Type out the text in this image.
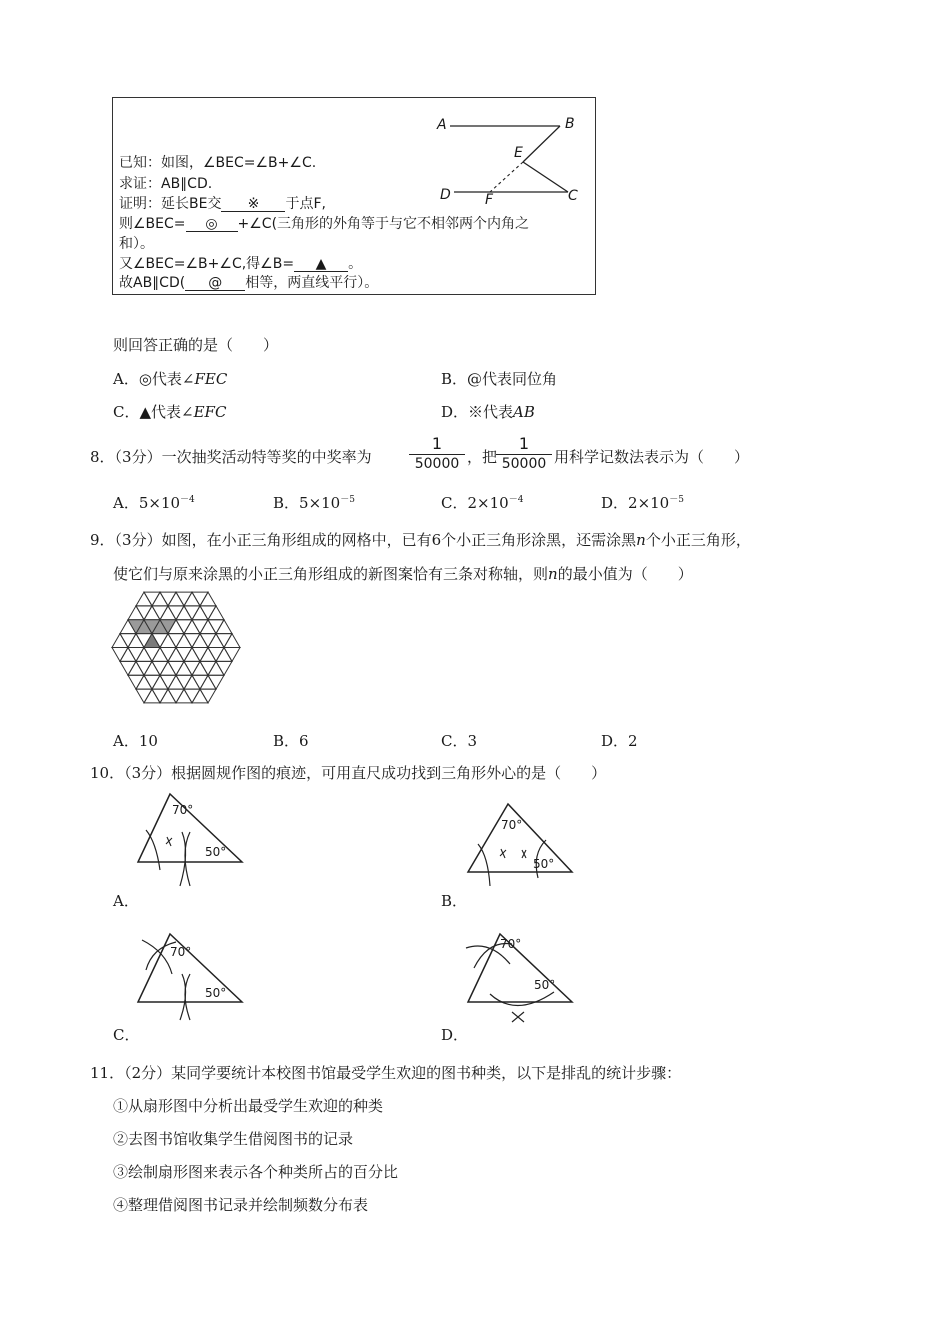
已知：如图，∠BEC=∠B+∠C.
求证：AB∥CD.
证明：延长BE交 ※ 于点F,
则∠BEC= ◎ +∠C(三角形的外角等于与它不相邻两个内角之
和）。
又∠BEC=∠B+∠C,得∠B= ▲ 。
故AB∥CD( @ 相等，两直线平行）。
A	B
E
D F	C
则回答正确的是（　　）
A．◎代表∠FEC	B．@代表同位角
C．▲代表∠EFC	D．※代表AB
8．（3分）一次抽奖活动特等奖的中奖率为 $\frac{1}{50000}$ ，把
$\frac{1}{50000}$ 用科学记数法表示为（　　）
A．$5\times 10^{-4}$	B．$5\times 10^{-5}$	C．$2\times 10^{-4}$	D．$2\times 10^{-5}$
9．（3分）如图，在小正三角形组成的网格中，已有6个小正三角形涂黑，还需涂黑n个小正三角形，
使它们与原来涂黑的小正三角形组成的新图案恰有三条对称轴，则n的最小值为（　　）
A．10	B．6	C．3	D．2
10．（3分）根据圆规作图的痕迹，可用直尺成功找到三角形外心的是（　　）
70°
50°
A．
70°
50°
B．
70°
50°
C．
70°
50°
D．
11．（2分）某同学要统计本校图书馆最受学生欢迎的图书种类，以下是排乱的统计步骤：
①从扇形图中分析出最受学生欢迎的种类
②去图书馆收集学生借阅图书的记录
③绘制扇形图来表示各个种类所占的百分比
④整理借阅图书记录并绘制频数分布表
